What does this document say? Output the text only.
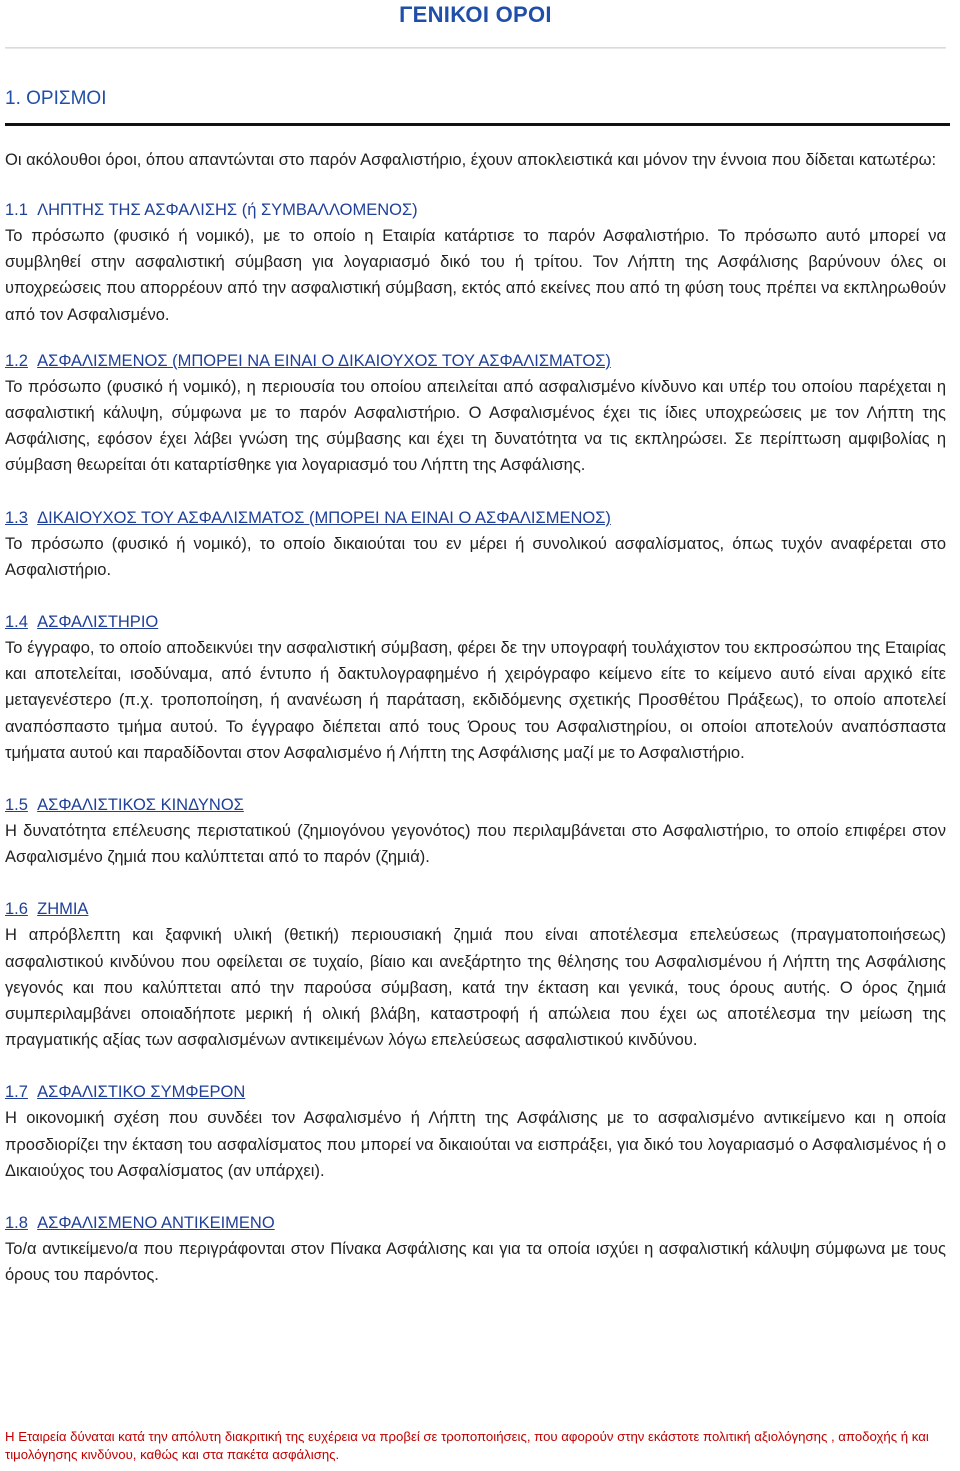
ΓΕΝΙΚΟΙ ΟΡΟΙ
1. ΟΡΙΣΜΟΙ
Οι ακόλουθοι όροι, όπου απαντώνται στο παρόν Ασφαλιστήριο, έχουν αποκλειστικά και μόνον την έννοια που δίδεται κατωτέρω:
1.1 ΛΗΠΤΗΣ ΤΗΣ ΑΣΦΑΛΙΣΗΣ (ή ΣΥΜΒΑΛΛΟΜΕΝΟΣ)
Το πρόσωπο (φυσικό ή νομικό), με το οποίο η Εταιρία κατάρτισε το παρόν Ασφαλιστήριο. Το πρόσωπο αυτό μπορεί να συμβληθεί στην ασφαλιστική σύμβαση για λογαριασμό δικό του ή τρίτου. Τον Λήπτη της Ασφάλισης βαρύνουν όλες οι υποχρεώσεις που απορρέουν από την ασφαλιστική σύμβαση, εκτός από εκείνες που από τη φύση τους πρέπει να εκπληρωθούν από τον Ασφαλισμένο.
1.2 ΑΣΦΑΛΙΣΜΕΝΟΣ (ΜΠΟΡΕΙ ΝΑ ΕΙΝΑΙ Ο ΔΙΚΑΙΟΥΧΟΣ ΤΟΥ ΑΣΦΑΛΙΣΜΑΤΟΣ)
Το πρόσωπο (φυσικό ή νομικό), η περιουσία του οποίου απειλείται από ασφαλισμένο κίνδυνο και υπέρ του οποίου παρέχεται η ασφαλιστική κάλυψη, σύμφωνα με το παρόν Ασφαλιστήριο. Ο Ασφαλισμένος έχει τις ίδιες υποχρεώσεις με τον Λήπτη της Ασφάλισης, εφόσον έχει λάβει γνώση της σύμβασης και έχει τη δυνατότητα να τις εκπληρώσει. Σε περίπτωση αμφιβολίας η σύμβαση θεωρείται ότι καταρτίσθηκε για λογαριασμό του Λήπτη της Ασφάλισης.
1.3 ΔΙΚΑΙΟΥΧΟΣ ΤΟΥ ΑΣΦΑΛΙΣΜΑΤΟΣ (ΜΠΟΡΕΙ ΝΑ ΕΙΝΑΙ Ο ΑΣΦΑΛΙΣΜΕΝΟΣ)
Το πρόσωπο (φυσικό ή νομικό), το οποίο δικαιούται του εν μέρει ή συνολικού ασφαλίσματος, όπως τυχόν αναφέρεται στο Ασφαλιστήριο.
1.4 ΑΣΦΑΛΙΣΤΗΡΙΟ
Το έγγραφο, το οποίο αποδεικνύει την ασφαλιστική σύμβαση, φέρει δε την υπογραφή τουλάχιστον του εκπροσώπου της Εταιρίας και αποτελείται, ισοδύναμα, από έντυπο ή δακτυλογραφημένο ή χειρόγραφο κείμενο είτε το κείμενο αυτό είναι αρχικό είτε μεταγενέστερο (π.χ. τροποποίηση, ή ανανέωση ή παράταση, εκδιδόμενης σχετικής Προσθέτου Πράξεως), το οποίο αποτελεί αναπόσπαστο τμήμα αυτού. Το έγγραφο διέπεται από τους Όρους του Ασφαλιστηρίου, οι οποίοι αποτελούν αναπόσπαστα τμήματα αυτού και παραδίδονται στον Ασφαλισμένο ή Λήπτη της Ασφάλισης μαζί με το Ασφαλιστήριο.
1.5 ΑΣΦΑΛΙΣΤΙΚΟΣ ΚΙΝΔΥΝΟΣ
Η δυνατότητα επέλευσης περιστατικού (ζημιογόνου γεγονότος) που περιλαμβάνεται στο Ασφαλιστήριο, το οποίο επιφέρει στον Ασφαλισμένο ζημιά που καλύπτεται από το παρόν (ζημιά).
1.6 ΖΗΜΙΑ
Η απρόβλεπτη και ξαφνική υλική (θετική) περιουσιακή ζημιά που είναι αποτέλεσμα επελεύσεως (πραγματοποιήσεως) ασφαλιστικού κινδύνου που οφείλεται σε τυχαίο, βίαιο και ανεξάρτητο της θέλησης του Ασφαλισμένου ή Λήπτη της Ασφάλισης γεγονός και που καλύπτεται από την παρούσα σύμβαση, κατά την έκταση και γενικά, τους όρους αυτής. Ο όρος ζημιά συμπεριλαμβάνει οποιαδήποτε μερική ή ολική βλάβη, καταστροφή ή απώλεια που έχει ως αποτέλεσμα την μείωση της πραγματικής αξίας των ασφαλισμένων αντικειμένων λόγω επελεύσεως ασφαλιστικού κινδύνου.
1.7 ΑΣΦΑΛΙΣΤΙΚΟ ΣΥΜΦΕΡΟΝ
Η οικονομική σχέση που συνδέει τον Ασφαλισμένο ή Λήπτη της Ασφάλισης με το ασφαλισμένο αντικείμενο και η οποία προσδιορίζει την έκταση του ασφαλίσματος που μπορεί να δικαιούται να εισπράξει, για δικό του λογαριασμό ο Ασφαλισμένος ή ο Δικαιούχος του Ασφαλίσματος (αν υπάρχει).
1.8 ΑΣΦΑΛΙΣΜΕΝΟ ΑΝΤΙΚΕΙΜΕΝΟ
Το/α αντικείμενο/α που περιγράφονται στον Πίνακα Ασφάλισης και για τα οποία ισχύει η ασφαλιστική κάλυψη σύμφωνα με τους όρους του παρόντος.
Η Εταιρεία δύναται κατά την απόλυτη διακριτική της ευχέρεια να προβεί σε τροποποιήσεις, που αφορούν στην εκάστοτε πολιτική αξιολόγησης , αποδοχής ή και τιμολόγησης κινδύνου, καθώς και στα πακέτα ασφάλισης.
